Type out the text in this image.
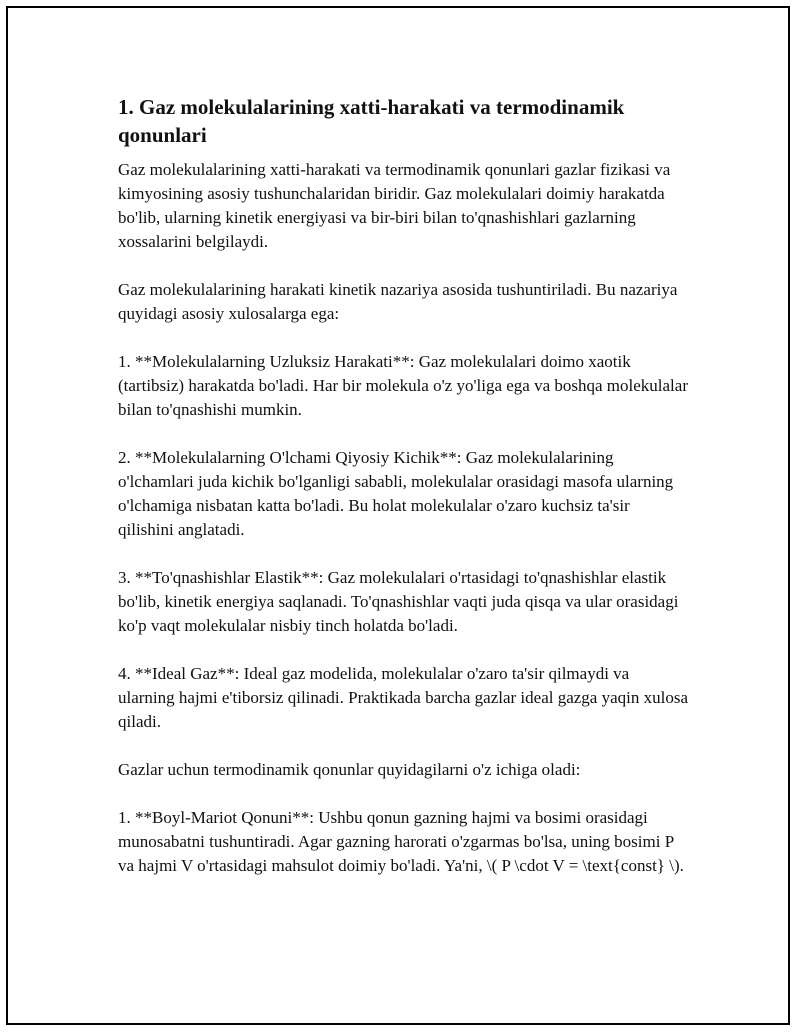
1. Gaz molekulalarining xatti-harakati va termodinamik qonunlari

Gaz molekulalarining xatti-harakati va termodinamik qonunlari gazlar fizikasi va kimyosining asosiy tushunchalaridan biridir. Gaz molekulalari doimiy harakatda bo'lib, ularning kinetik energiyasi va bir-biri bilan to'qnashishlari gazlarning xossalarini belgilaydi.

Gaz molekulalarining harakati kinetik nazariya asosida tushuntiriladi. Bu nazariya quyidagi asosiy xulosalarga ega:

1. **Molekulalarning Uzluksiz Harakati**: Gaz molekulalari doimo xaotik (tartibsiz) harakatda bo'ladi. Har bir molekula o'z yo'liga ega va boshqa molekulalar bilan to'qnashishi mumkin.

2. **Molekulalarning O'lchami Qiyosiy Kichik**: Gaz molekulalarining o'lchamlari juda kichik bo'lganligi sababli, molekulalar orasidagi masofa ularning o'lchamiga nisbatan katta bo'ladi. Bu holat molekulalar o'zaro kuchsiz ta'sir qilishini anglatadi.

3. **To'qnashishlar Elastik**: Gaz molekulalari o'rtasidagi to'qnashishlar elastik bo'lib, kinetik energiya saqlanadi. To'qnashishlar vaqti juda qisqa va ular orasidagi ko'p vaqt molekulalar nisbiy tinch holatda bo'ladi.

4. **Ideal Gaz**: Ideal gaz modelida, molekulalar o'zaro ta'sir qilmaydi va ularning hajmi e'tiborsiz qilinadi. Praktikada barcha gazlar ideal gazga yaqin xulosa qiladi.

Gazlar uchun termodinamik qonunlar quyidagilarni o'z ichiga oladi:

1. **Boyl-Mariot Qonuni**: Ushbu qonun gazning hajmi va bosimi orasidagi munosabatni tushuntiradi. Agar gazning harorati o'zgarmas bo'lsa, uning bosimi P va hajmi V o'rtasidagi mahsulot doimiy bo'ladi. Ya'ni, \( P \cdot V = \text{const} \).
